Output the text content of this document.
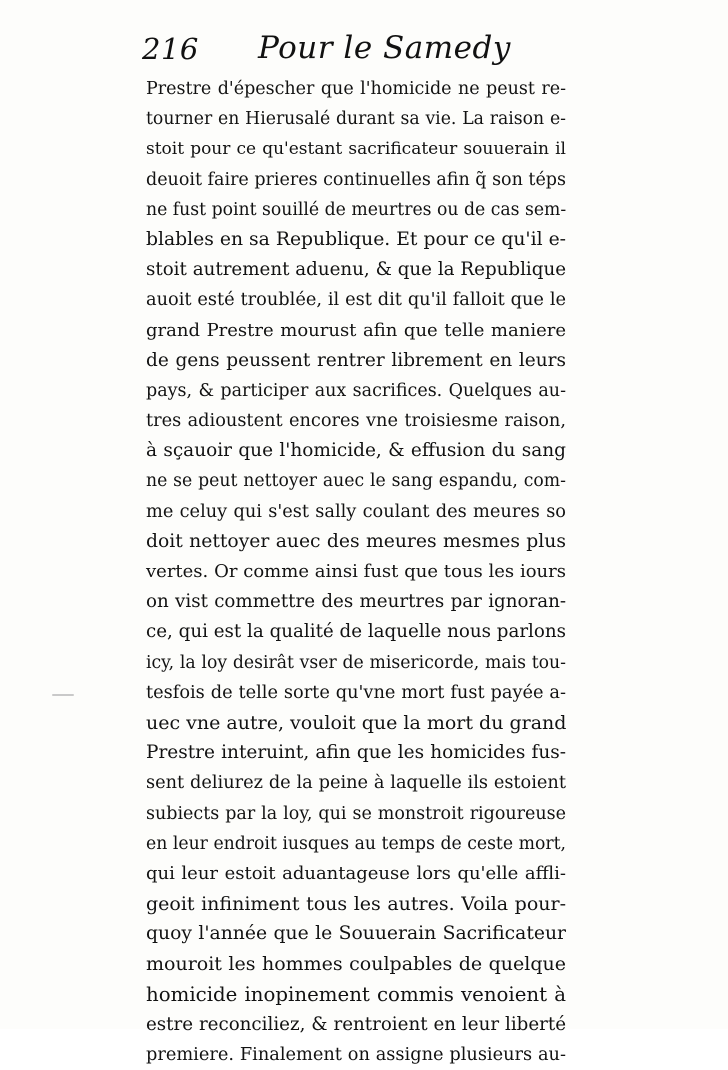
216 Pour le Samedy
Prestre d'épescher que l'homicide ne peust re-
tourner en Hierusalé durant sa vie. La raison e-
stoit pour ce qu'estant sacrificateur souuerain il
deuoit faire prieres continuelles afin q̃ son téps
ne fust point souillé de meurtres ou de cas sem-
blables en sa Republique. Et pour ce qu'il e-
stoit autrement aduenu, & que la Republique
auoit esté troublée, il est dit qu'il falloit que le
grand Prestre mourust afin que telle maniere
de gens peussent rentrer librement en leurs
pays, & participer aux sacrifices. Quelques au-
tres adioustent encores vne troisiesme raison,
à sçauoir que l'homicide, & effusion du sang
ne se peut nettoyer auec le sang espandu, com-
me celuy qui s'est sally coulant des meures so
doit nettoyer auec des meures mesmes plus
vertes. Or comme ainsi fust que tous les iours
on vist commettre des meurtres par ignoran-
ce, qui est la qualité de laquelle nous parlons
icy, la loy desirât vser de misericorde, mais tou-
tesfois de telle sorte qu'vne mort fust payée a-
uec vne autre, vouloit que la mort du grand
Prestre interuint, afin que les homicides fus-
sent deliurez de la peine à laquelle ils estoient
subiects par la loy, qui se monstroit rigoureuse
en leur endroit iusques au temps de ceste mort,
qui leur estoit aduantageuse lors qu'elle affli-
geoit infiniment tous les autres. Voila pour-
quoy l'année que le Souuerain Sacrificateur
mouroit les hommes coulpables de quelque
homicide inopinement commis venoient à
estre reconciliez, & rentroient en leur liberté
premiere. Finalement on assigne plusieurs au-
